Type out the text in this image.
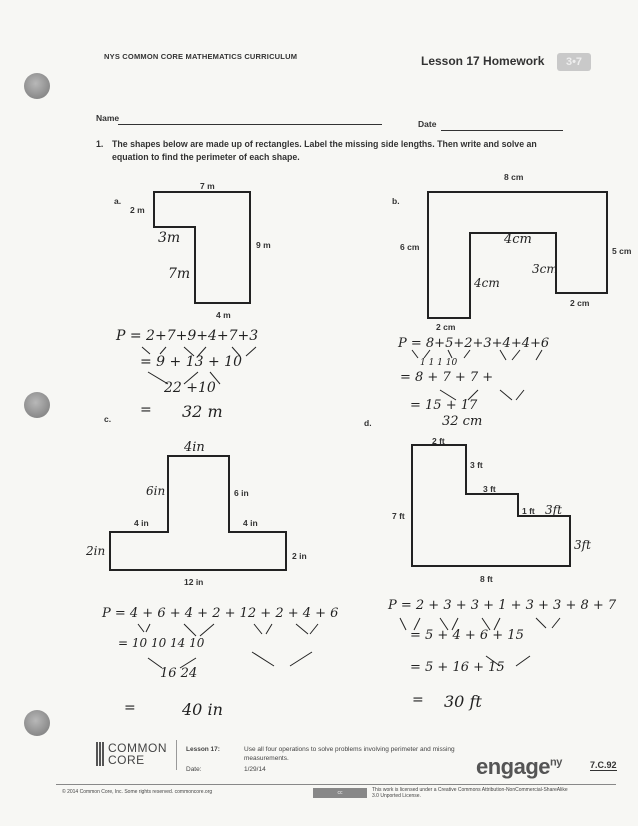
NYS COMMON CORE MATHEMATICS CURRICULUM	Lesson 17 Homework	3•7
Name
Date
1. The shapes below are made up of rectangles. Label the missing side lengths. Then write and solve an
equation to find the perimeter of each shape.
a.	b.
c.	d.
7 m
2 m
9 m
4 m
3m
7m
8 cm
6 cm	5 cm
2 cm
2 cm
4cm
3cm
4cm
4in
6in	6 in
4 in	4 in
2in	2 in
12 in
2 ft
3 ft
3 ft
1 ft 3ft
7 ft
3ft
8 ft
P = 2+7+9+4+7+3
= 9 + 13 + 10
22 +10
= 32 m
P = 8+5+2+3+4+4+6
1 1 1 10
= 8 + 7 + 7 +
= 15 + 17
32 cm
P = 4 + 6 + 4 + 2 + 12 + 2 + 4 + 6
= 10 10 14 10
16 24
=	40 in
P = 2 + 3 + 3 + 1 + 3 + 3 + 8 + 7
= 5 + 4 + 6 + 15
= 5 + 16 + 15
= 30 ft
COMMON
CORE
Lesson 17:	Use all four operations to solve problems involving perimeter and missing measurements.
Date:	1/29/14	engage$^{ny}$	7.C.92
© 2014 Common Core, Inc. Some rights reserved. commoncore.org	cc	This work is licensed under a Creative Commons Attribution-NonCommercial-ShareAlike 3.0 Unported License.
